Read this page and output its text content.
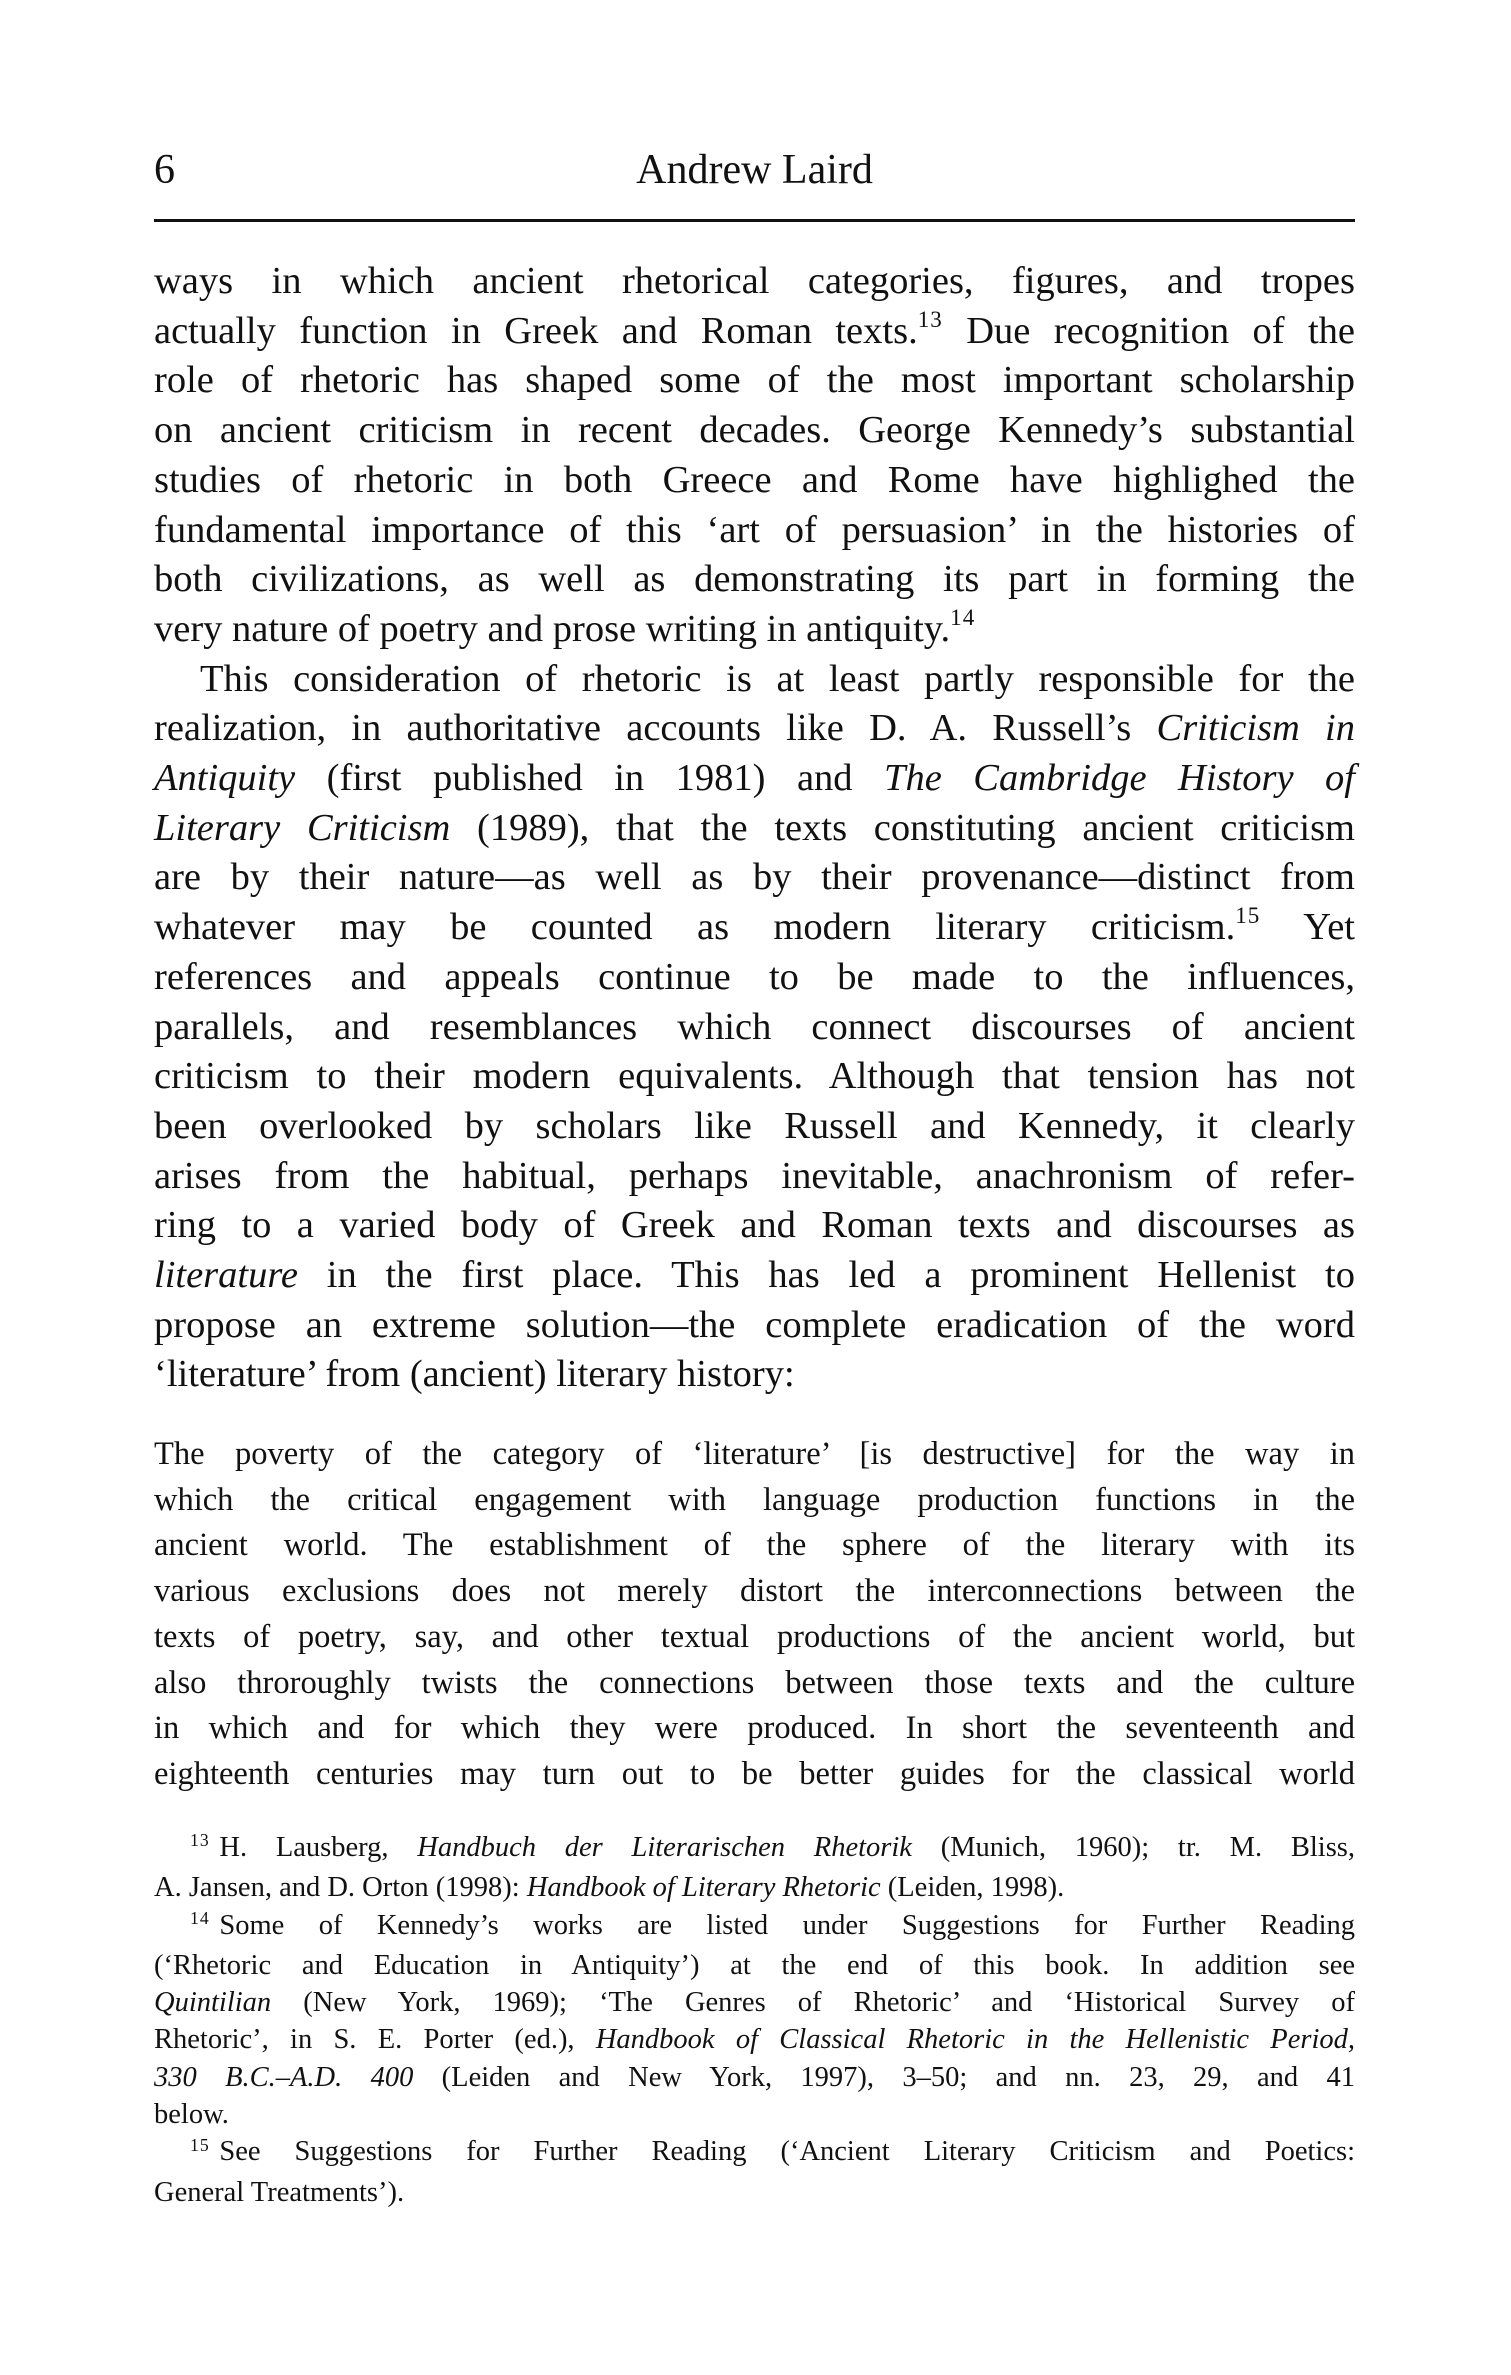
6	Andrew Laird
ways in which ancient rhetorical categories, figures, and tropes
actually function in Greek and Roman texts.$^{13}$ Due recognition of the
role of rhetoric has shaped some of the most important scholarship
on ancient criticism in recent decades. George Kennedy’s substantial
studies of rhetoric in both Greece and Rome have highlighed the
fundamental importance of this ‘art of persuasion’ in the histories of
both civilizations, as well as demonstrating its part in forming the
very nature of poetry and prose writing in antiquity.$^{14}$
This consideration of rhetoric is at least partly responsible for the
realization, in authoritative accounts like D. A. Russell’s Criticism in
Antiquity (first published in 1981) and The Cambridge History of
Literary Criticism (1989), that the texts constituting ancient criticism
are by their nature—as well as by their provenance—distinct from
whatever may be counted as modern literary criticism.$^{15}$ Yet
references and appeals continue to be made to the influences,
parallels, and resemblances which connect discourses of ancient
criticism to their modern equivalents. Although that tension has not
been overlooked by scholars like Russell and Kennedy, it clearly
arises from the habitual, perhaps inevitable, anachronism of refer-
ring to a varied body of Greek and Roman texts and discourses as
literature in the first place. This has led a prominent Hellenist to
propose an extreme solution—the complete eradication of the word
‘literature’ from (ancient) literary history:
The poverty of the category of ‘literature’ [is destructive] for the way in
which the critical engagement with language production functions in the
ancient world. The establishment of the sphere of the literary with its
various exclusions does not merely distort the interconnections between the
texts of poetry, say, and other textual productions of the ancient world, but
also throroughly twists the connections between those texts and the culture
in which and for which they were produced. In short the seventeenth and
eighteenth centuries may turn out to be better guides for the classical world
$^{13}$ H. Lausberg, Handbuch der Literarischen Rhetorik (Munich, 1960); tr. M. Bliss,
A. Jansen, and D. Orton (1998): Handbook of Literary Rhetoric (Leiden, 1998).
$^{14}$ Some of Kennedy’s works are listed under Suggestions for Further Reading
(‘Rhetoric and Education in Antiquity’) at the end of this book. In addition see
Quintilian (New York, 1969); ‘The Genres of Rhetoric’ and ‘Historical Survey of
Rhetoric’, in S. E. Porter (ed.), Handbook of Classical Rhetoric in the Hellenistic Period,
330 B.C.–A.D. 400 (Leiden and New York, 1997), 3–50; and nn. 23, 29, and 41
below.
$^{15}$ See Suggestions for Further Reading (‘Ancient Literary Criticism and Poetics:
General Treatments’).
